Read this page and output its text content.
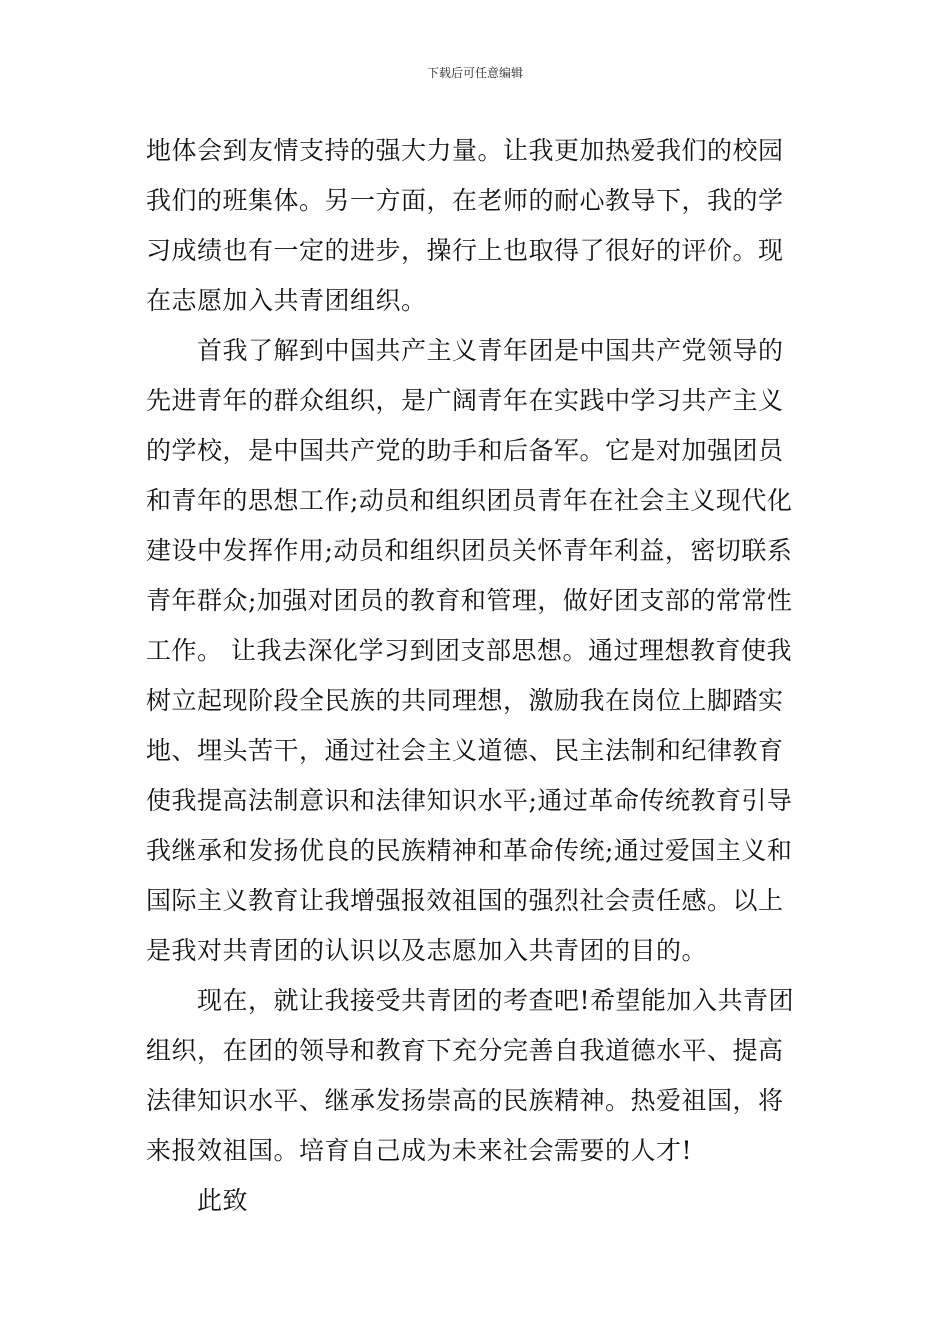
下载后可任意编辑
地体会到友情支持的强大力量。让我更加热爱我们的校园
我们的班集体。另一方面，在老师的耐心教导下，我的学
习成绩也有一定的进步，操行上也取得了很好的评价。现
在志愿加入共青团组织。
　　首我了解到中国共产主义青年团是中国共产党领导的
先进青年的群众组织，是广阔青年在实践中学习共产主义
的学校，是中国共产党的助手和后备军。它是对加强团员
和青年的思想工作;动员和组织团员青年在社会主义现代化
建设中发挥作用;动员和组织团员关怀青年利益，密切联系
青年群众;加强对团员的教育和管理，做好团支部的常常性
工作。 让我去深化学习到团支部思想。通过理想教育使我
树立起现阶段全民族的共同理想，激励我在岗位上脚踏实
地、埋头苦干，通过社会主义道德、民主法制和纪律教育
使我提高法制意识和法律知识水平;通过革命传统教育引导
我继承和发扬优良的民族精神和革命传统;通过爱国主义和
国际主义教育让我增强报效祖国的强烈社会责任感。以上
是我对共青团的认识以及志愿加入共青团的目的。
　　现在，就让我接受共青团的考查吧!希望能加入共青团
组织，在团的领导和教育下充分完善自我道德水平、提高
法律知识水平、继承发扬崇高的民族精神。热爱祖国，将
来报效祖国。培育自己成为未来社会需要的人才!
　　此致
